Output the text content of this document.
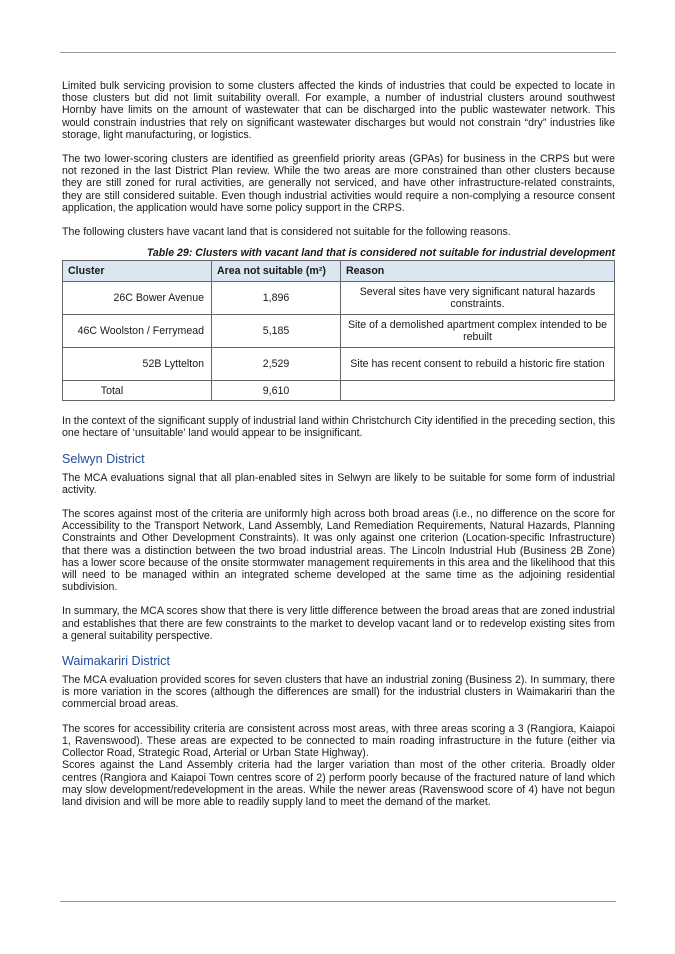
Limited bulk servicing provision to some clusters affected the kinds of industries that could be expected to locate in those clusters but did not limit suitability overall. For example, a number of industrial clusters around southwest Hornby have limits on the amount of wastewater that can be discharged into the public wastewater network. This would constrain industries that rely on significant wastewater discharges but would not constrain “dry” industries like storage, light manufacturing, or logistics.

The two lower-scoring clusters are identified as greenfield priority areas (GPAs) for business in the CRPS but were not rezoned in the last District Plan review. While the two areas are more constrained than other clusters because they are still zoned for rural activities, are generally not serviced, and have other infrastructure-related constraints, they are still considered suitable. Even though industrial activities would require a non-complying a resource consent application, the application would have some policy support in the CRPS.

The following clusters have vacant land that is considered not suitable for the following reasons.

Table 29: Clusters with vacant land that is considered not suitable for industrial development
Cluster	Area not suitable (m²)	Reason
26C Bower Avenue	1,896	Several sites have very significant natural hazards constraints.
46C Woolston / Ferrymead	5,185	Site of a demolished apartment complex intended to be rebuilt
52B Lyttelton	2,529	Site has recent consent to rebuild a historic fire station
Total	9,610	

In the context of the significant supply of industrial land within Christchurch City identified in the preceding section, this one hectare of ‘unsuitable’ land would appear to be insignificant.

Selwyn District

The MCA evaluations signal that all plan-enabled sites in Selwyn are likely to be suitable for some form of industrial activity.

The scores against most of the criteria are uniformly high across both broad areas (i.e., no difference on the score for Accessibility to the Transport Network, Land Assembly, Land Remediation Requirements, Natural Hazards, Planning Constraints and Other Development Constraints). It was only against one criterion (Location-specific Infrastructure) that there was a distinction between the two broad industrial areas. The Lincoln Industrial Hub (Business 2B Zone) has a lower score because of the onsite stormwater management requirements in this area and the likelihood that this will need to be managed within an integrated scheme developed at the same time as the adjoining residential subdivision.

In summary, the MCA scores show that there is very little difference between the broad areas that are zoned industrial and establishes that there are few constraints to the market to develop vacant land or to redevelop existing sites from a general suitability perspective.

Waimakariri District

The MCA evaluation provided scores for seven clusters that have an industrial zoning (Business 2). In summary, there is more variation in the scores (although the differences are small) for the industrial clusters in Waimakariri than the commercial broad areas.

The scores for accessibility criteria are consistent across most areas, with three areas scoring a 3 (Rangiora, Kaiapoi 1, Ravenswood). These areas are expected to be connected to main roading infrastructure in the future (either via Collector Road, Strategic Road, Arterial or Urban State Highway).

Scores against the Land Assembly criteria had the larger variation than most of the other criteria. Broadly older centres (Rangiora and Kaiapoi Town centres score of 2) perform poorly because of the fractured nature of land which may slow development/redevelopment in the areas. While the newer areas (Ravenswood score of 4) have not begun land division and will be more able to readily supply land to meet the demand of the market.
